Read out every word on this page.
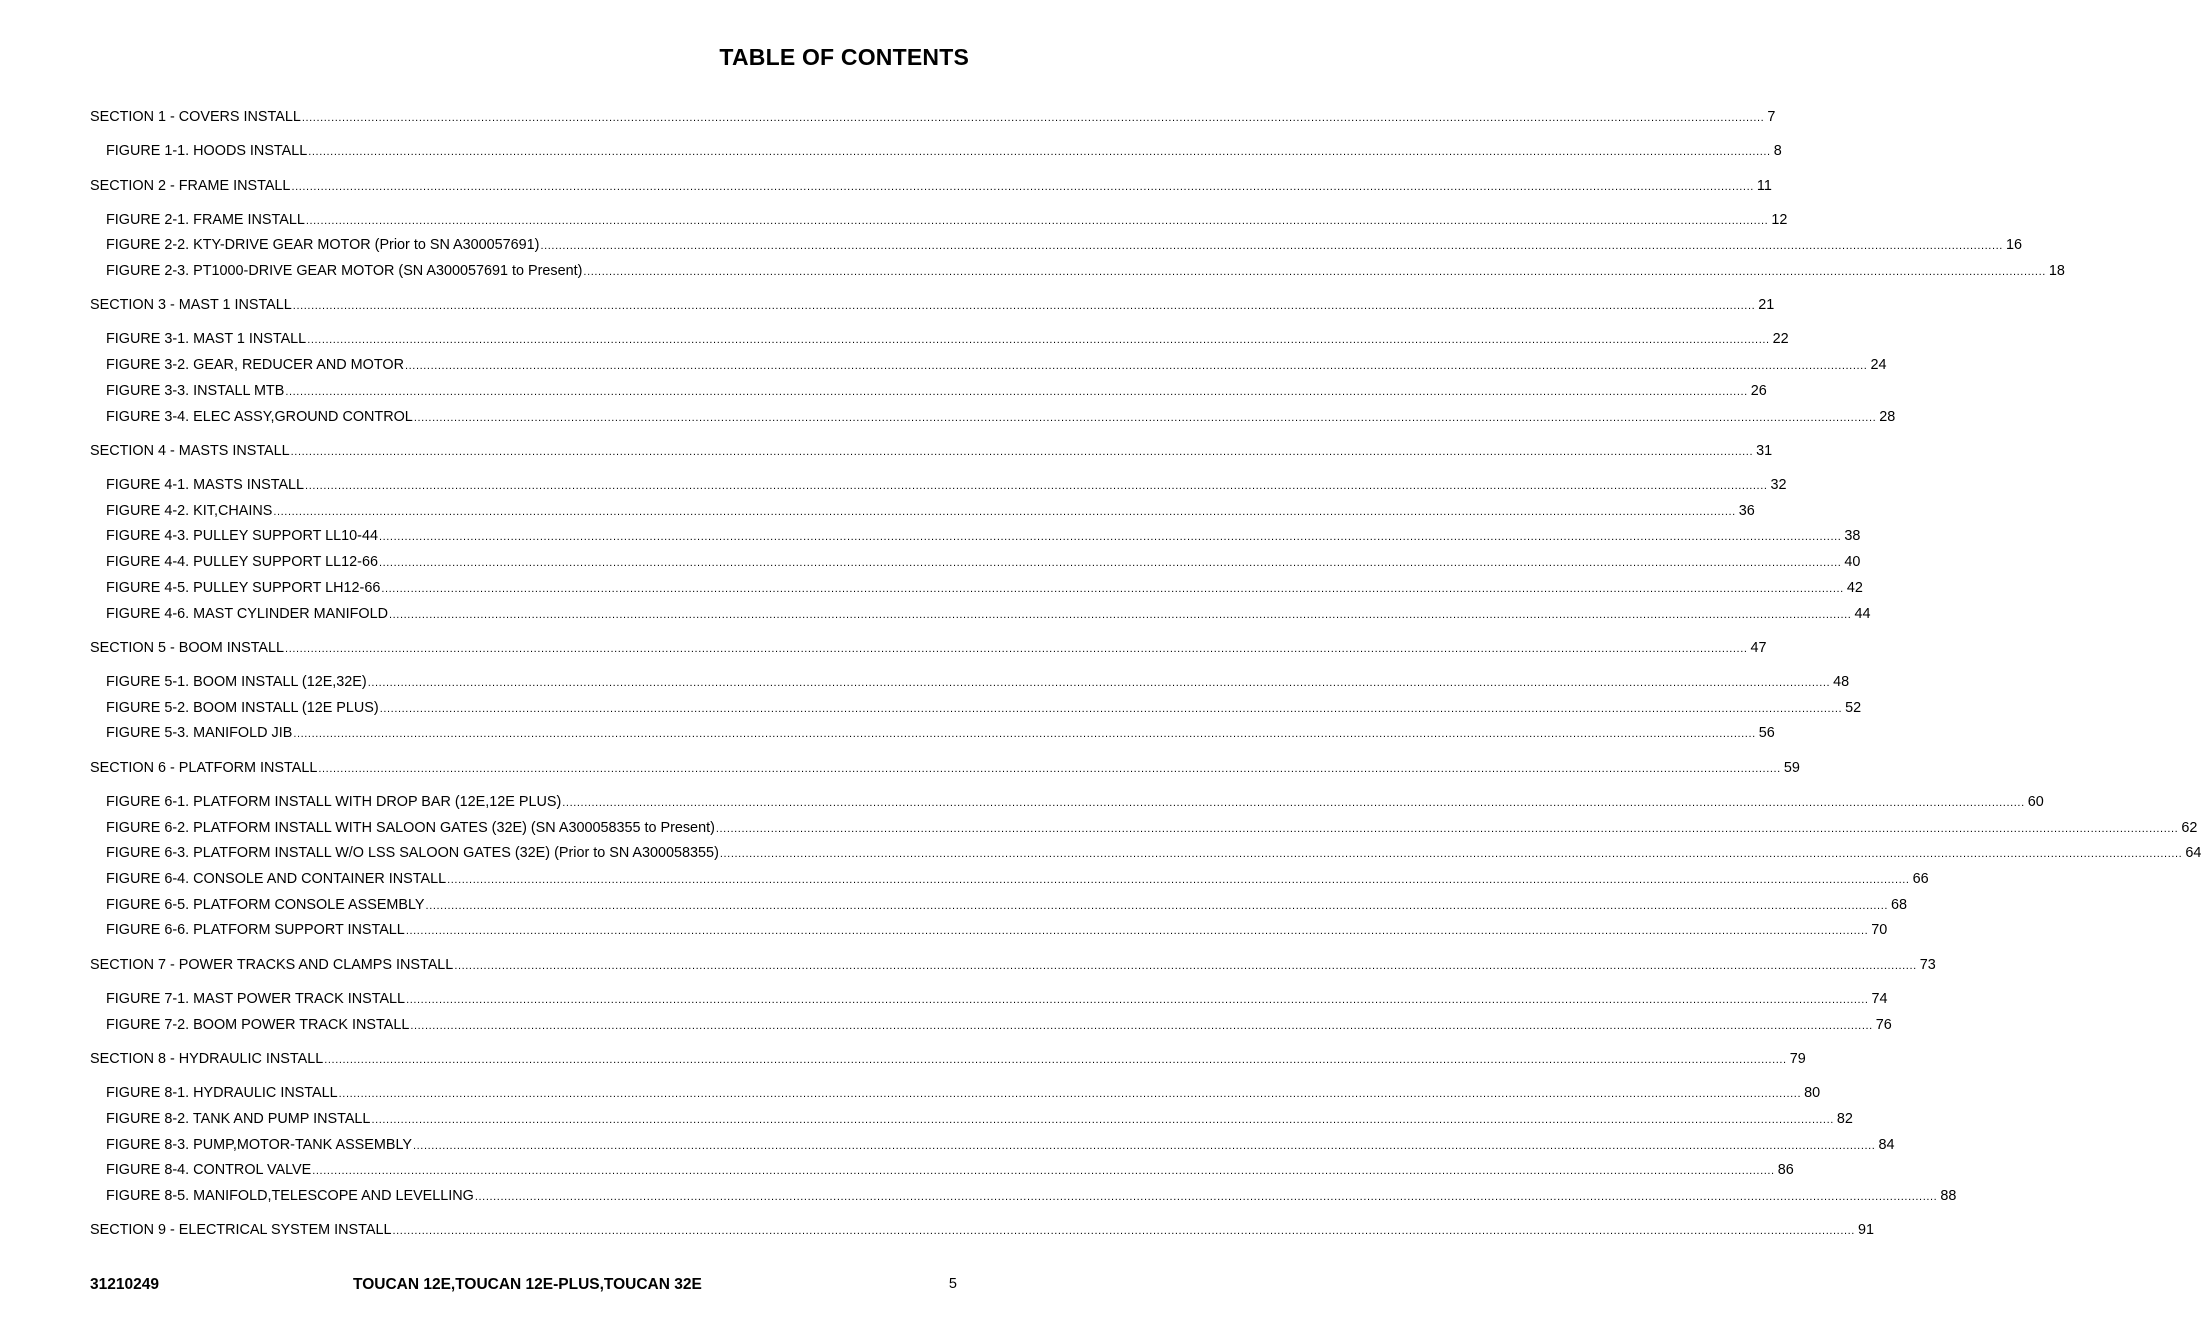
TABLE OF CONTENTS
SECTION 1 - COVERS INSTALL ................................................................................................................................................................................................................................................................................................................................................................................................................ 7
FIGURE 1-1. HOODS INSTALL ................................................................................................................................................................................................................................................................................................................................................................................................................ 8
SECTION 2 - FRAME INSTALL ................................................................................................................................................................................................................................................................................................................................................................................................................ 11
FIGURE 2-1. FRAME INSTALL ................................................................................................................................................................................................................................................................................................................................................................................................................ 12
FIGURE 2-2. KTY-DRIVE GEAR MOTOR (Prior to SN A300057691) ................................................................................................................................................................................................................................................................................................................................................................................................................ 16
FIGURE 2-3. PT1000-DRIVE GEAR MOTOR (SN A300057691 to Present) ................................................................................................................................................................................................................................................................................................................................................................................................................ 18
SECTION 3 - MAST 1 INSTALL ................................................................................................................................................................................................................................................................................................................................................................................................................ 21
FIGURE 3-1. MAST 1 INSTALL ................................................................................................................................................................................................................................................................................................................................................................................................................ 22
FIGURE 3-2. GEAR, REDUCER AND MOTOR ................................................................................................................................................................................................................................................................................................................................................................................................................ 24
FIGURE 3-3. INSTALL MTB ................................................................................................................................................................................................................................................................................................................................................................................................................ 26
FIGURE 3-4. ELEC ASSY,GROUND CONTROL ................................................................................................................................................................................................................................................................................................................................................................................................................ 28
SECTION 4 - MASTS INSTALL ................................................................................................................................................................................................................................................................................................................................................................................................................ 31
FIGURE 4-1. MASTS INSTALL ................................................................................................................................................................................................................................................................................................................................................................................................................ 32
FIGURE 4-2. KIT,CHAINS ................................................................................................................................................................................................................................................................................................................................................................................................................ 36
FIGURE 4-3. PULLEY SUPPORT LL10-44 ................................................................................................................................................................................................................................................................................................................................................................................................................ 38
FIGURE 4-4. PULLEY SUPPORT LL12-66 ................................................................................................................................................................................................................................................................................................................................................................................................................ 40
FIGURE 4-5. PULLEY SUPPORT LH12-66 ................................................................................................................................................................................................................................................................................................................................................................................................................ 42
FIGURE 4-6. MAST CYLINDER MANIFOLD ................................................................................................................................................................................................................................................................................................................................................................................................................ 44
SECTION 5 - BOOM INSTALL ................................................................................................................................................................................................................................................................................................................................................................................................................ 47
FIGURE 5-1. BOOM INSTALL (12E,32E) ................................................................................................................................................................................................................................................................................................................................................................................................................ 48
FIGURE 5-2. BOOM INSTALL (12E PLUS) ................................................................................................................................................................................................................................................................................................................................................................................................................ 52
FIGURE 5-3. MANIFOLD JIB ................................................................................................................................................................................................................................................................................................................................................................................................................ 56
SECTION 6 - PLATFORM INSTALL ................................................................................................................................................................................................................................................................................................................................................................................................................ 59
FIGURE 6-1. PLATFORM INSTALL WITH DROP BAR (12E,12E PLUS) ................................................................................................................................................................................................................................................................................................................................................................................................................ 60
FIGURE 6-2. PLATFORM INSTALL WITH SALOON GATES (32E) (SN A300058355 to Present) ................................................................................................................................................................................................................................................................................................................................................................................................................ 62
FIGURE 6-3. PLATFORM INSTALL W/O LSS SALOON GATES (32E) (Prior to SN A300058355) ................................................................................................................................................................................................................................................................................................................................................................................................................ 64
FIGURE 6-4. CONSOLE AND CONTAINER INSTALL ................................................................................................................................................................................................................................................................................................................................................................................................................ 66
FIGURE 6-5. PLATFORM CONSOLE ASSEMBLY ................................................................................................................................................................................................................................................................................................................................................................................................................ 68
FIGURE 6-6. PLATFORM SUPPORT INSTALL ................................................................................................................................................................................................................................................................................................................................................................................................................ 70
SECTION 7 - POWER TRACKS AND CLAMPS INSTALL ................................................................................................................................................................................................................................................................................................................................................................................................................ 73
FIGURE 7-1. MAST POWER TRACK INSTALL ................................................................................................................................................................................................................................................................................................................................................................................................................ 74
FIGURE 7-2. BOOM POWER TRACK INSTALL ................................................................................................................................................................................................................................................................................................................................................................................................................ 76
SECTION 8 - HYDRAULIC INSTALL ................................................................................................................................................................................................................................................................................................................................................................................................................ 79
FIGURE 8-1. HYDRAULIC INSTALL ................................................................................................................................................................................................................................................................................................................................................................................................................ 80
FIGURE 8-2. TANK AND PUMP INSTALL ................................................................................................................................................................................................................................................................................................................................................................................................................ 82
FIGURE 8-3. PUMP,MOTOR-TANK ASSEMBLY ................................................................................................................................................................................................................................................................................................................................................................................................................ 84
FIGURE 8-4. CONTROL VALVE ................................................................................................................................................................................................................................................................................................................................................................................................................ 86
FIGURE 8-5. MANIFOLD,TELESCOPE AND LEVELLING ................................................................................................................................................................................................................................................................................................................................................................................................................ 88
SECTION 9 - ELECTRICAL SYSTEM INSTALL ................................................................................................................................................................................................................................................................................................................................................................................................................ 91
31210249	TOUCAN 12E,TOUCAN 12E-PLUS,TOUCAN 32E	5
